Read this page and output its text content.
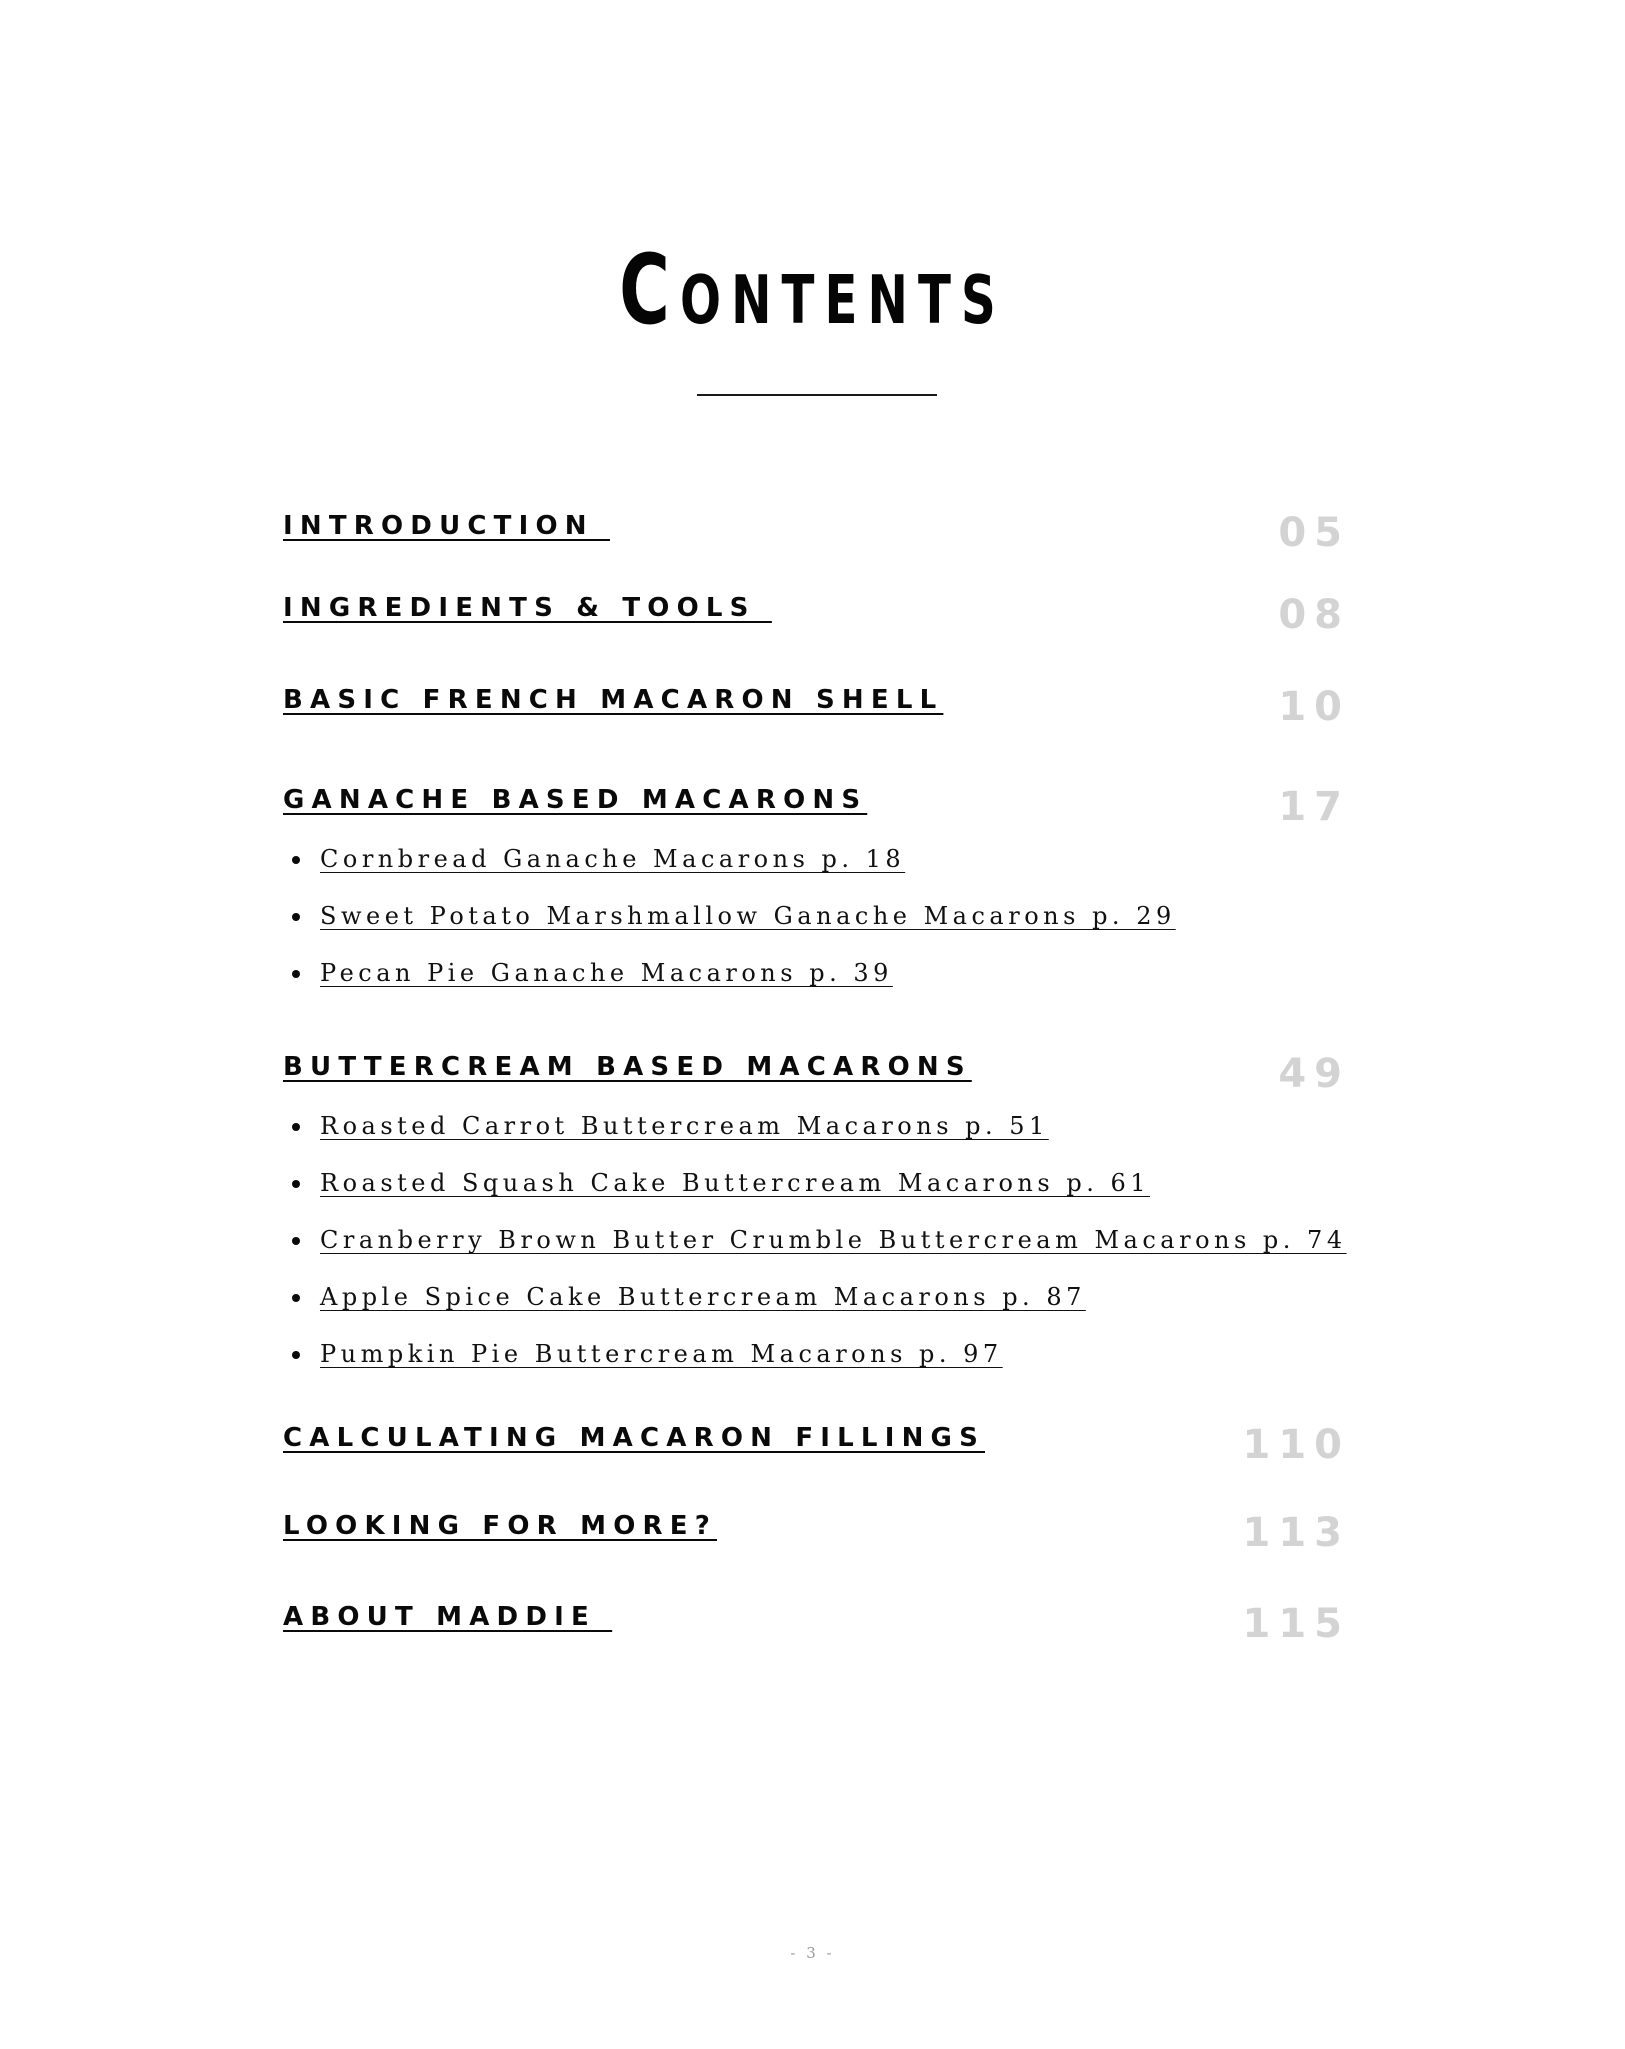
Contents
INTRODUCTION	05
INGREDIENTS & TOOLS	08
BASIC FRENCH MACARON SHELL	10
GANACHE BASED MACARONS	17
Cornbread Ganache Macarons p. 18
Sweet Potato Marshmallow Ganache Macarons p. 29
Pecan Pie Ganache Macarons p. 39
BUTTERCREAM BASED MACARONS	49
Roasted Carrot Buttercream Macarons p. 51
Roasted Squash Cake Buttercream Macarons p. 61
Cranberry Brown Butter Crumble Buttercream Macarons p. 74
Apple Spice Cake Buttercream Macarons p. 87
Pumpkin Pie Buttercream Macarons p. 97
CALCULATING MACARON FILLINGS	110
LOOKING FOR MORE?	113
ABOUT MADDIE	115
- 3 -
